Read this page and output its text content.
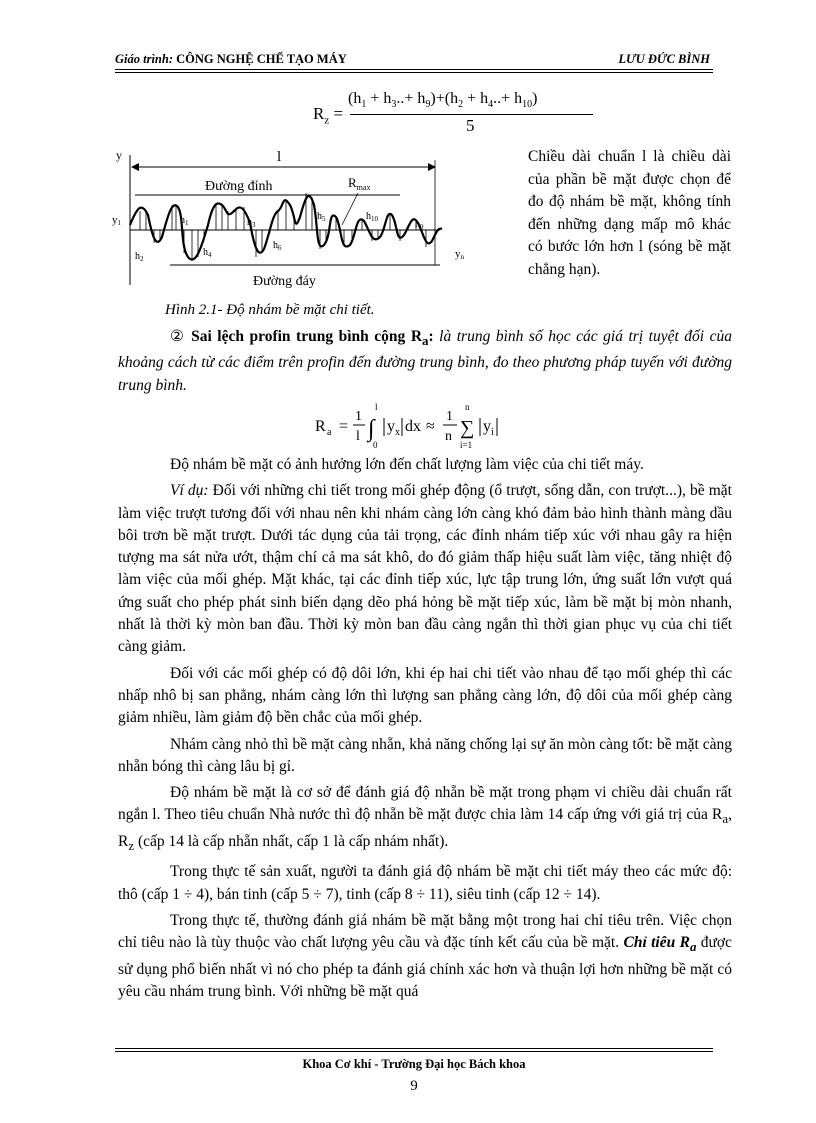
Giáo trình: CÔNG NGHỆ CHẾ TẠO MÁY	LƯU ĐỨC BÌNH
$R_z$ =
$(h_1 + h_3..+ h_9)+(h_2 + h_4..+ h_{10})$
5
y	l
Đường đỉnh	$R_{max}$
Đường đáy
y1
yn
$h_1$
$h_2$
$h_3$
$h_4$
$h_5$
$h_6$
$h_9$
$h_{10}$
Hình 2.1- Độ nhám bề mặt chi tiết.
Chiều dài chuẩn l là chiều dài của phần bề mặt được chọn để đo độ nhám bề mặt, không tính đến những dạng mấp mô khác có bước lớn hơn l (sóng bề mặt chẳng hạn).

② Sai lệch profin trung bình cộng $R_a$: là trung bình số học các giá trị tuyệt đối của khoảng cách từ các điểm trên profin đến đường trung bình, đo theo phương pháp tuyến với đường trung bình.

R a =
1
l ∫
l
0
y x dx ≈
1
n ∑
n
i=1
y i

Độ nhám bề mặt có ảnh hưởng lớn đến chất lượng làm việc của chi tiết máy.

Ví dụ: Đối với những chi tiết trong mối ghép động (ổ trượt, sống dẫn, con trượt...), bề mặt làm việc trượt tương đối với nhau nên khi nhám càng lớn càng khó đảm bảo hình thành màng dầu bôi trơn bề mặt trượt. Dưới tác dụng của tải trọng, các đỉnh nhám tiếp xúc với nhau gây ra hiện tượng ma sát nửa ướt, thậm chí cả ma sát khô, do đó giảm thấp hiệu suất làm việc, tăng nhiệt độ làm việc của mối ghép. Mặt khác, tại các đỉnh tiếp xúc, lực tập trung lớn, ứng suất lớn vượt quá ứng suất cho phép phát sinh biến dạng dẽo phá hỏng bề mặt tiếp xúc, làm bề mặt bị mòn nhanh, nhất là thời kỳ mòn ban đầu. Thời kỳ mòn ban đầu càng ngắn thì thời gian phục vụ của chi tiết càng giảm.

Đối với các mối ghép có độ dôi lớn, khi ép hai chi tiết vào nhau để tạo mối ghép thì các nhấp nhô bị san phẳng, nhám càng lớn thì lượng san phẳng càng lớn, độ dôi của mối ghép càng giảm nhiều, làm giảm độ bền chắc của mối ghép.

Nhám càng nhỏ thì bề mặt càng nhẵn, khả năng chống lại sự ăn mòn càng tốt: bề mặt càng nhẵn bóng thì càng lâu bị gỉ.

Độ nhám bề mặt là cơ sở để đánh giá độ nhẵn bề mặt trong phạm vi chiều dài chuẩn rất ngắn l. Theo tiêu chuẩn Nhà nước thì độ nhẵn bề mặt được chia làm 14 cấp ứng với giá trị của $R_a$, $R_z$ (cấp 14 là cấp nhẵn nhất, cấp 1 là cấp nhám nhất).

Trong thực tế sản xuất, người ta đánh giá độ nhám bề mặt chi tiết máy theo các mức độ: thô (cấp 1 ÷ 4), bán tinh (cấp 5 ÷ 7), tinh (cấp 8 ÷ 11), siêu tinh (cấp 12 ÷ 14).

Trong thực tế, thường đánh giá nhám bề mặt bằng một trong hai chỉ tiêu trên. Việc chọn chỉ tiêu nào là tùy thuộc vào chất lượng yêu cầu và đặc tính kết cấu của bề mặt. Chỉ tiêu $R_a$ được sử dụng phổ biến nhất vì nó cho phép ta đánh giá chính xác hơn và thuận lợi hơn những bề mặt có yêu cầu nhám trung bình. Với những bề mặt quá

Khoa Cơ khí - Trường Đại học Bách khoa
9
